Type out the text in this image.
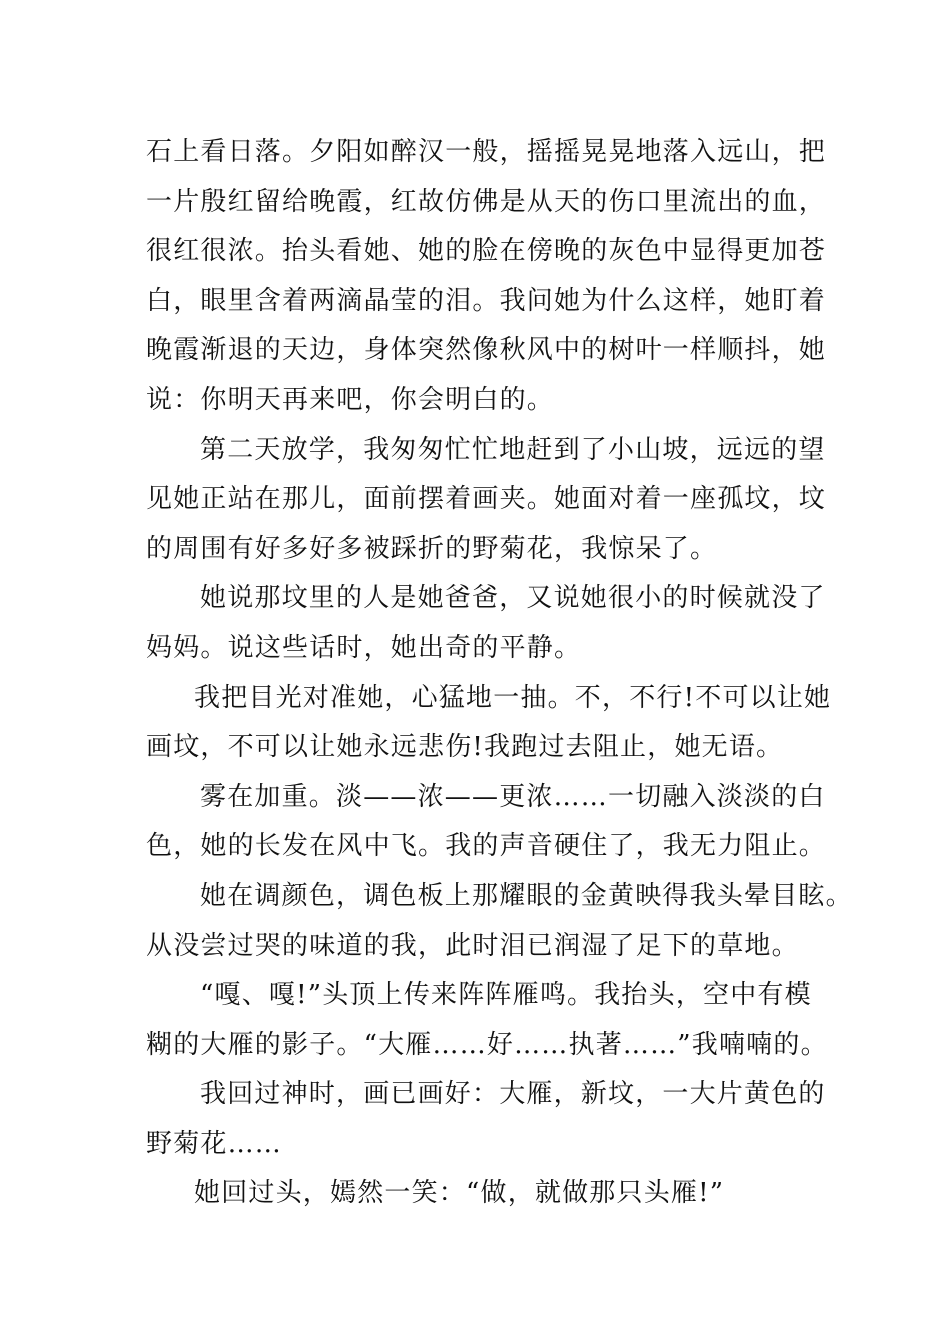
石上看日落。夕阳如醉汉一般，摇摇晃晃地落入远山，把
一片殷红留给晚霞，红故仿佛是从天的伤口里流出的血，
很红很浓。抬头看她、她的脸在傍晚的灰色中显得更加苍
白，眼里含着两滴晶莹的泪。我问她为什么这样，她盯着
晚霞渐退的天边，身体突然像秋风中的树叶一样顺抖，她
说：你明天再来吧，你会明白的。
第二天放学，我匆匆忙忙地赶到了小山坡，远远的望
见她正站在那儿，面前摆着画夹。她面对着一座孤坟，坟
的周围有好多好多被踩折的野菊花，我惊呆了。
她说那坟里的人是她爸爸，又说她很小的时候就没了
妈妈。说这些话时，她出奇的平静。
我把目光对准她，心猛地一抽。不，不行!不可以让她
画坟，不可以让她永远悲伤!我跑过去阻止，她无语。
雾在加重。淡——浓——更浓……一切融入淡淡的白
色，她的长发在风中飞。我的声音硬住了，我无力阻止。
她在调颜色，调色板上那耀眼的金黄映得我头晕目眩。
从没尝过哭的味道的我，此时泪已润湿了足下的草地。
“嘎、嘎!”头顶上传来阵阵雁鸣。我抬头，空中有模
糊的大雁的影子。“大雁……好……执著……”我喃喃的。
我回过神时，画已画好：大雁，新坟，一大片黄色的
野菊花……
她回过头，嫣然一笑：“做，就做那只头雁!”
